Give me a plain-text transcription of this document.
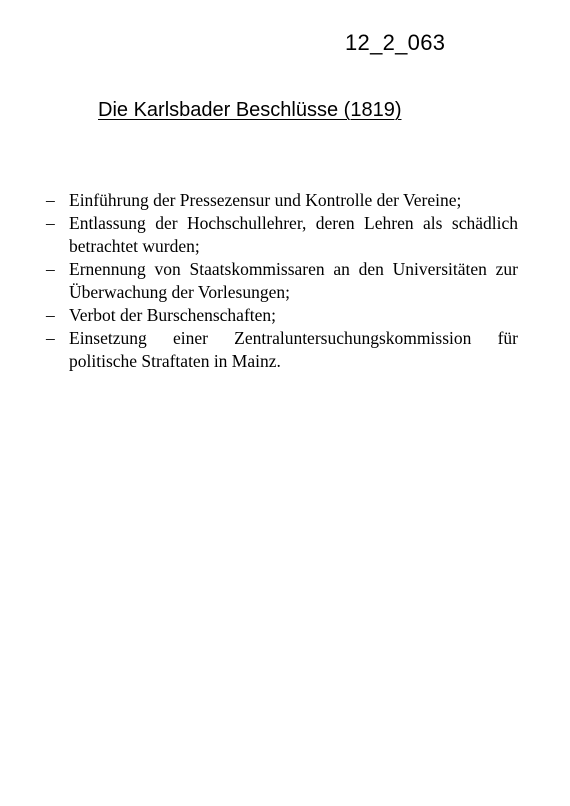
12_2_063
Die Karlsbader Beschlüsse (1819)
– Einführung der Pressezensur und Kontrolle der Vereine;
– Entlassung der Hochschullehrer, deren Lehren als schädlich betrachtet wurden;
– Ernennung von Staatskommissaren an den Universitäten zur Überwachung der Vorlesungen;
– Verbot der Burschenschaften;
– Einsetzung einer Zentraluntersuchungskommission für politische Straftaten in Mainz.
